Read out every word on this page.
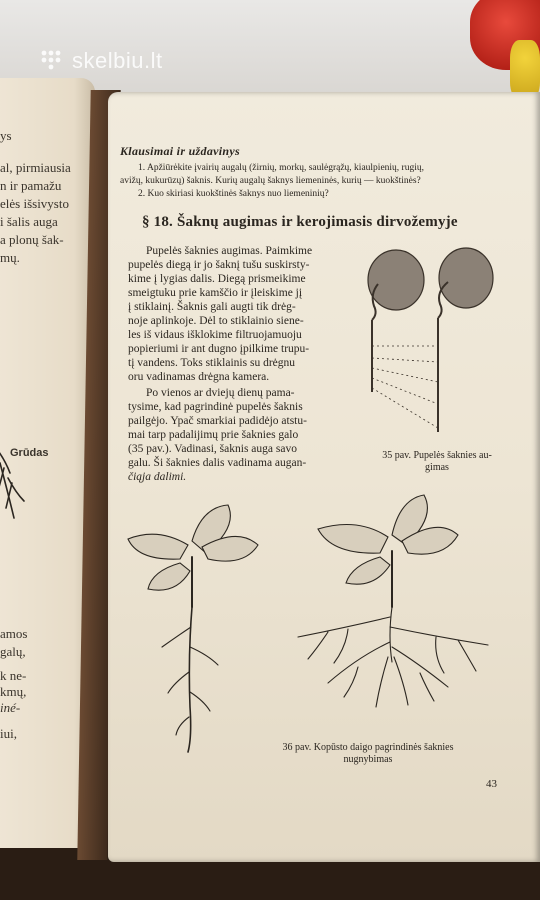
skelbiu.lt
ys
al, pirmiausia
n ir pamažu
elės išsivysto
i šalis auga
a plonų šak-
mų.
Grūdas
amos
galų,
k ne-
kmų,
iné-
iui,
Klausimai ir uždavinys
1. Apžiūrėkite įvairių augalų (žirnių, morkų, saulėgrąžų, kiaulpienių, rugių,
avižų, kukurūzų) šaknis. Kurių augalų šaknys liemeninės, kurių — kuokštinės?
2. Kuo skiriasi kuokštinės šaknys nuo liemeninių?
§ 18. Šaknų augimas ir kerojimasis dirvožemyje
Pupelės šaknies augimas. Paimkime
pupelės diegą ir jo šaknį tušu suskirsty-
kime į lygias dalis. Diegą prismeikime
smeigtuku prie kamščio ir įleiskime jį
į stiklainį. Šaknis gali augti tik drėg-
noje aplinkoje. Dėl to stiklainio siene-
les iš vidaus išklokime filtruojamuoju
popieriumi ir ant dugno įpilkime trupu-
tį vandens. Toks stiklainis su drėgnu
oru vadinamas drėgna kamera.
Po vienos ar dviejų dienų pama-
tysime, kad pagrindinė pupelės šaknis
pailgėjo. Ypač smarkiai padidėjo atstu-
mai tarp padalijimų prie šaknies galo
(35 pav.). Vadinasi, šaknis auga savo
galu. Ši šaknies dalis vadinama augan-
čiąja dalimi.
35 pav. Pupelės šaknies au-
gimas
36 pav. Kopūsto daigo pagrindinės šaknies
nugnybimas
43
